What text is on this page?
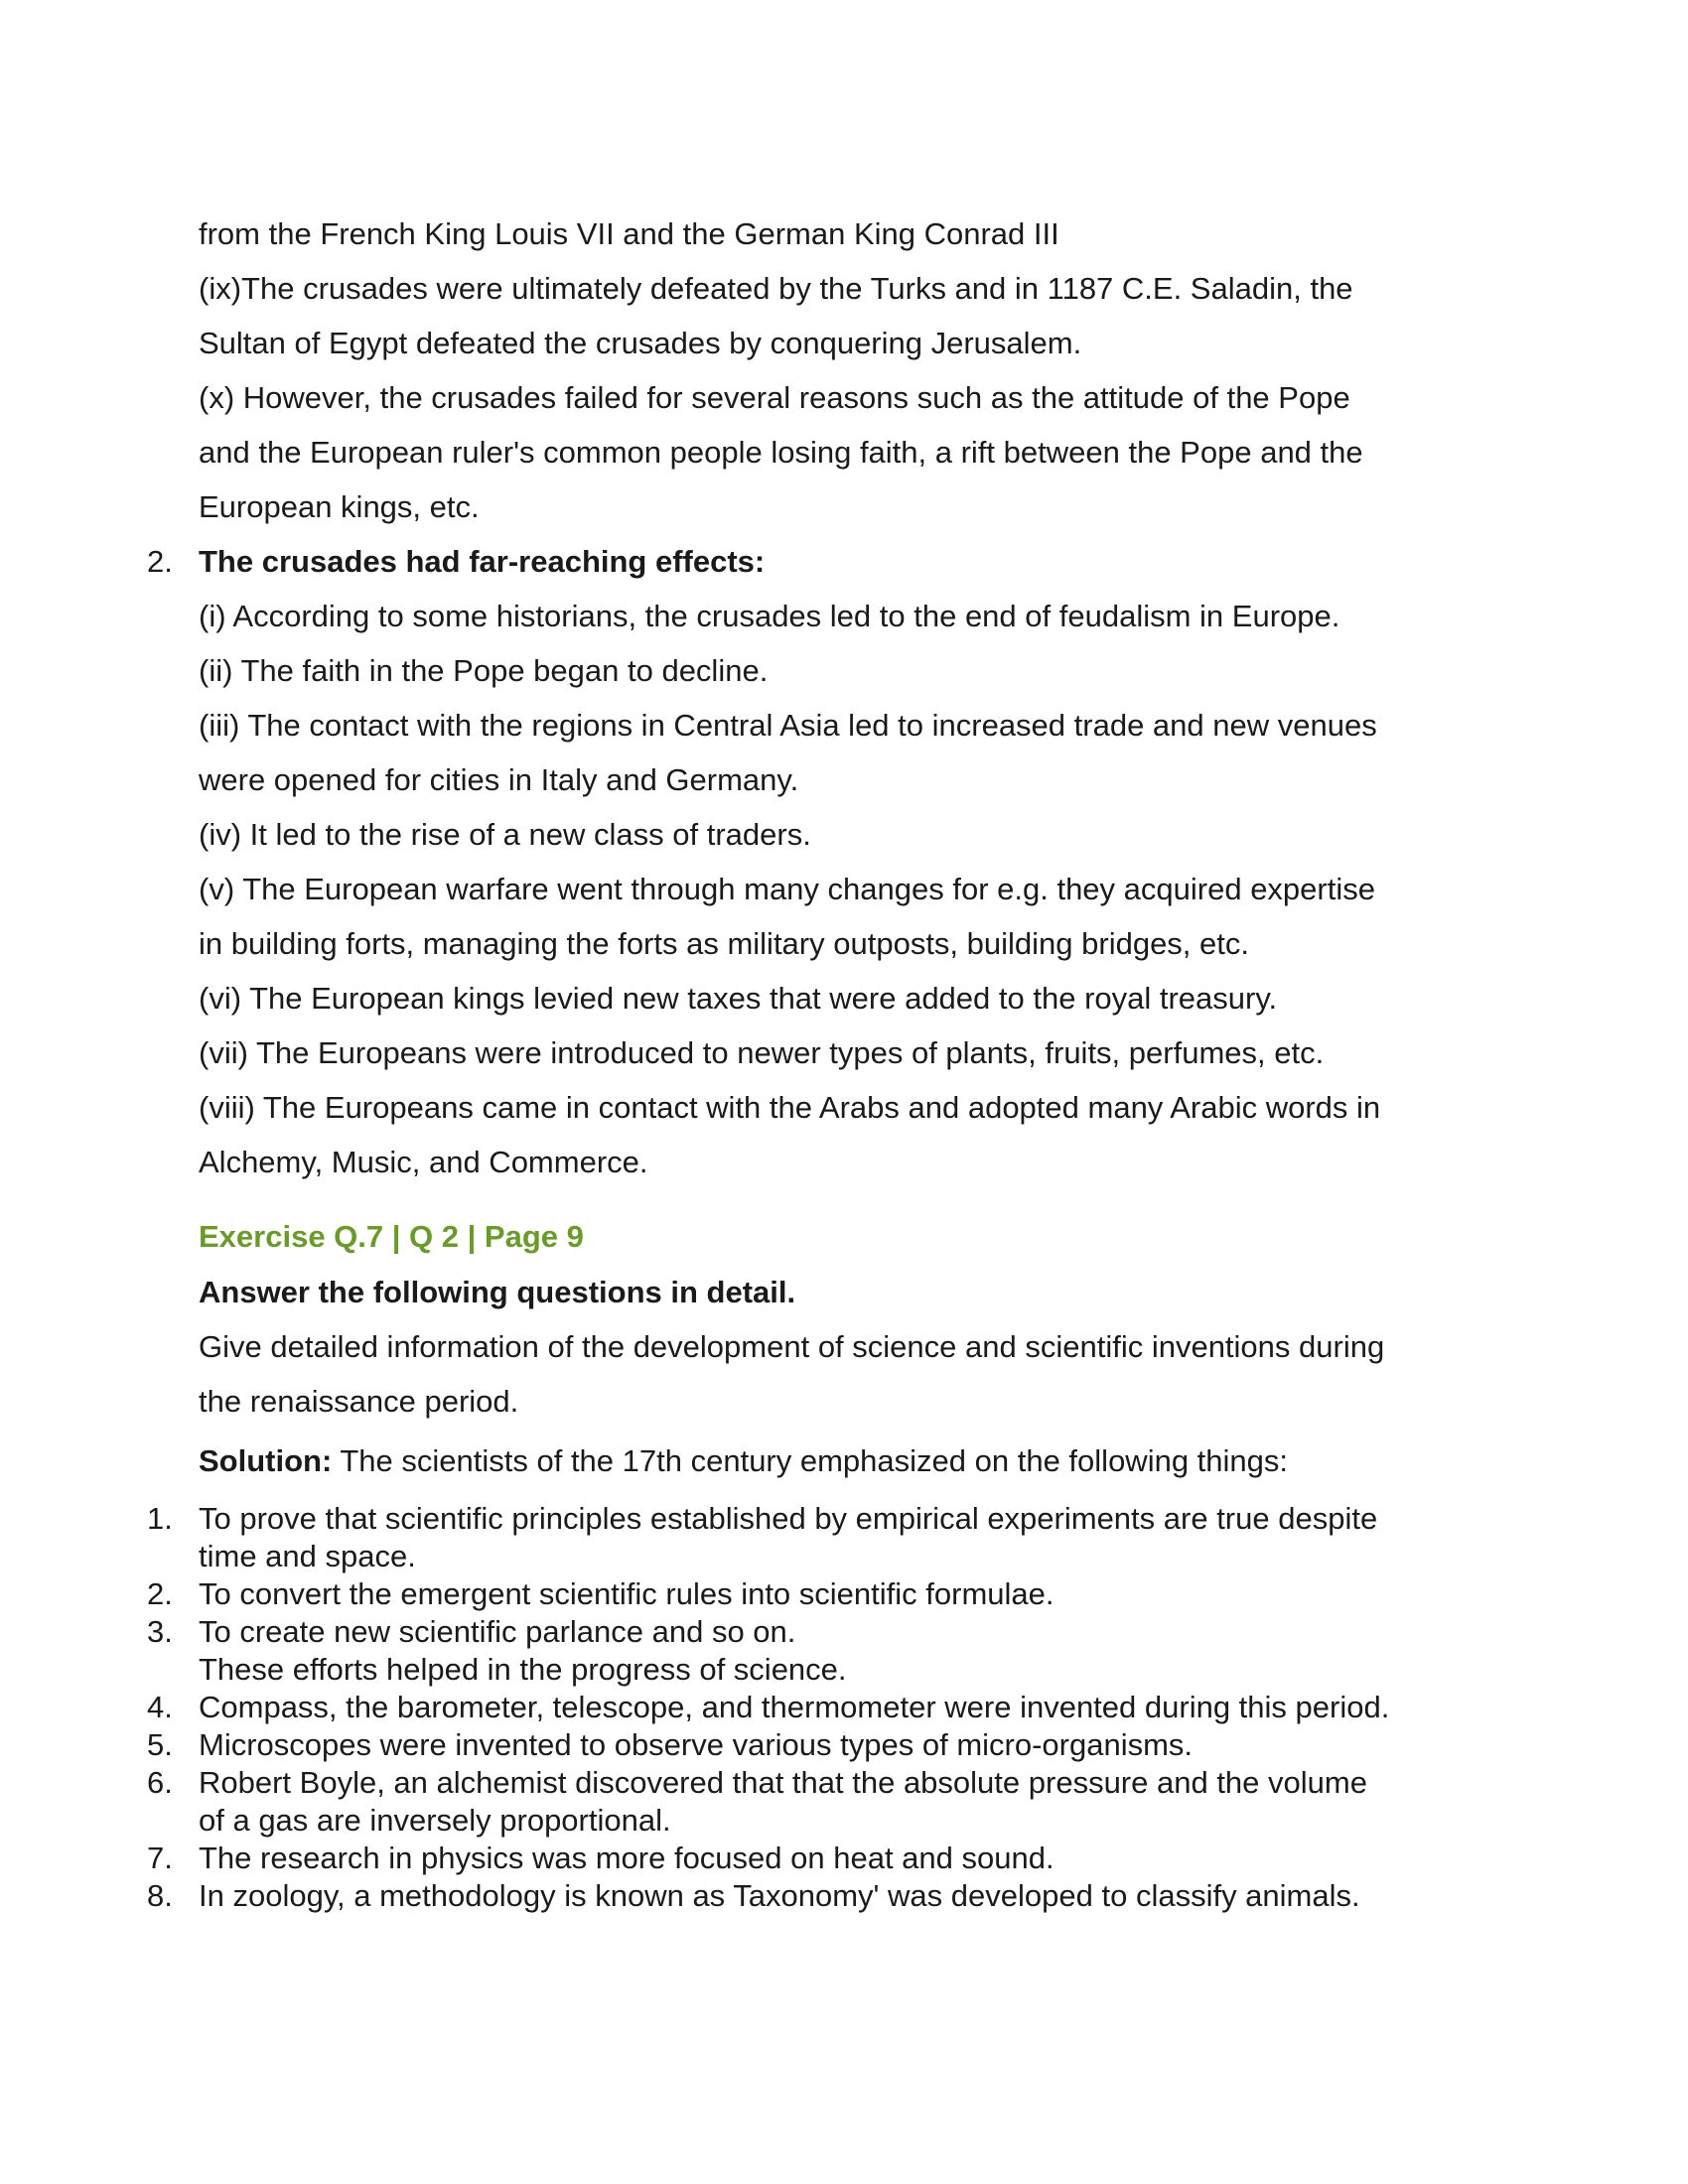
from the French King Louis VII and the German King Conrad III
(ix)The crusades were ultimately defeated by the Turks and in 1187 C.E. Saladin, the
Sultan of Egypt defeated the crusades by conquering Jerusalem.
(x) However, the crusades failed for several reasons such as the attitude of the Pope
and the European ruler's common people losing faith, a rift between the Pope and the
European kings, etc.
2. The crusades had far-reaching effects:
(i) According to some historians, the crusades led to the end of feudalism in Europe.
(ii) The faith in the Pope began to decline.
(iii) The contact with the regions in Central Asia led to increased trade and new venues
were opened for cities in Italy and Germany.
(iv) It led to the rise of a new class of traders.
(v) The European warfare went through many changes for e.g. they acquired expertise
in building forts, managing the forts as military outposts, building bridges, etc.
(vi) The European kings levied new taxes that were added to the royal treasury.
(vii) The Europeans were introduced to newer types of plants, fruits, perfumes, etc.
(viii) The Europeans came in contact with the Arabs and adopted many Arabic words in
Alchemy, Music, and Commerce.
Exercise Q.7 | Q 2 | Page 9
Answer the following questions in detail.
Give detailed information of the development of science and scientific inventions during
the renaissance period.
Solution: The scientists of the 17th century emphasized on the following things:
1. To prove that scientific principles established by empirical experiments are true despite
time and space.
2. To convert the emergent scientific rules into scientific formulae.
3. To create new scientific parlance and so on.
These efforts helped in the progress of science.
4. Compass, the barometer, telescope, and thermometer were invented during this period.
5. Microscopes were invented to observe various types of micro-organisms.
6. Robert Boyle, an alchemist discovered that that the absolute pressure and the volume
of a gas are inversely proportional.
7. The research in physics was more focused on heat and sound.
8. In zoology, a methodology is known as Taxonomy' was developed to classify animals.
